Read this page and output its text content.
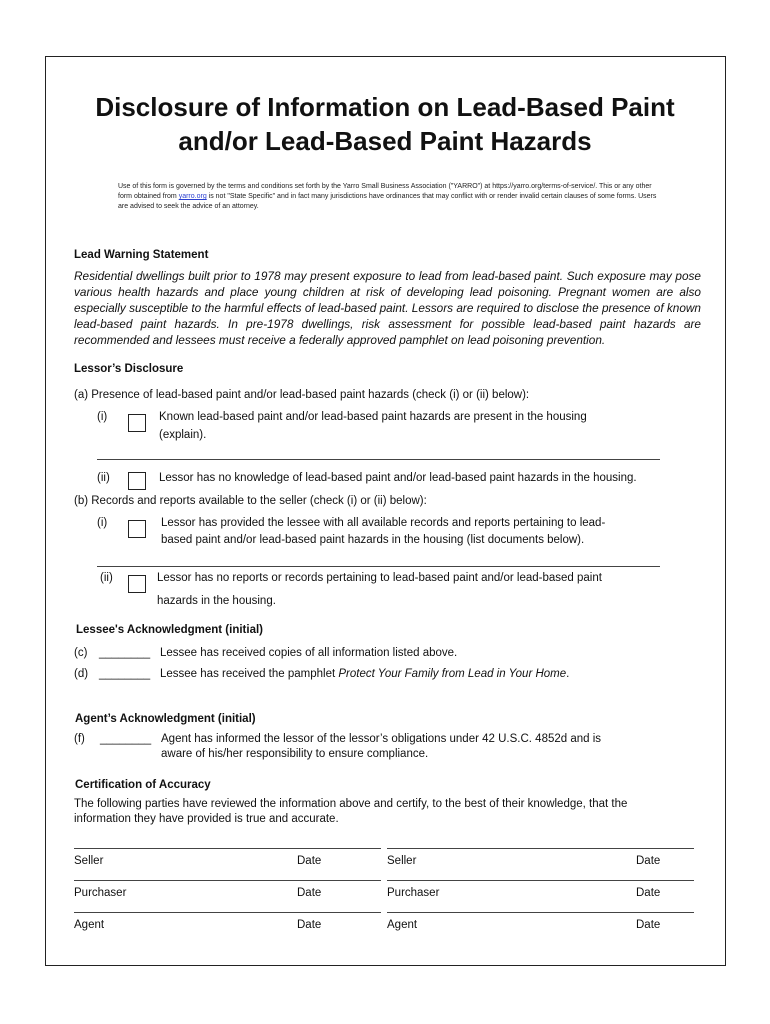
Disclosure of Information on Lead-Based Paint
and/or Lead-Based Paint Hazards
Use of this form is governed by the terms and conditions set forth by the Yarro Small Business Association ("YARRO") at https://yarro.org/terms-of-service/. This or any other form obtained from yarro.org is not "State Specific" and in fact many jurisdictions have ordinances that may conflict with or render invalid certain clauses of some forms. Users are advised to seek the advice of an attorney.
Lead Warning Statement
Residential dwellings built prior to 1978 may present exposure to lead from lead-based paint. Such exposure may pose various health hazards and place young children at risk of developing lead poisoning. Pregnant women are also especially susceptible to the harmful effects of lead-based paint. Lessors are required to disclose the presence of known lead-based paint hazards. In pre-1978 dwellings, risk assessment for possible lead-based paint hazards are recommended and lessees must receive a federally approved pamphlet on lead poisoning prevention.
Lessor’s Disclosure
(a) Presence of lead-based paint and/or lead-based paint hazards (check (i) or (ii) below):
(i)	Known lead-based paint and/or lead-based paint hazards are present in the housing
(explain).
(ii)	Lessor has no knowledge of lead-based paint and/or lead-based paint hazards in the housing.
(b) Records and reports available to the seller (check (i) or (ii) below):
(i)	Lessor has provided the lessee with all available records and reports pertaining to lead-
based paint and/or lead-based paint hazards in the housing (list documents below).
(ii)	Lessor has no reports or records pertaining to lead-based paint and/or lead-based paint
hazards in the housing.
Lessee's Acknowledgment (initial)
(c) ________ Lessee has received copies of all information listed above.
(d) ________ Lessee has received the pamphlet Protect Your Family from Lead in Your Home.
Agent’s Acknowledgment (initial)
(f) ________ Agent has informed the lessor of the lessor’s obligations under 42 U.S.C. 4852d and is
aware of his/her responsibility to ensure compliance.
Certification of Accuracy
The following parties have reviewed the information above and certify, to the best of their knowledge, that the information they have provided is true and accurate.
Seller	Date	Seller	Date
Purchaser	Date	Purchaser	Date
Agent	Date	Agent	Date
